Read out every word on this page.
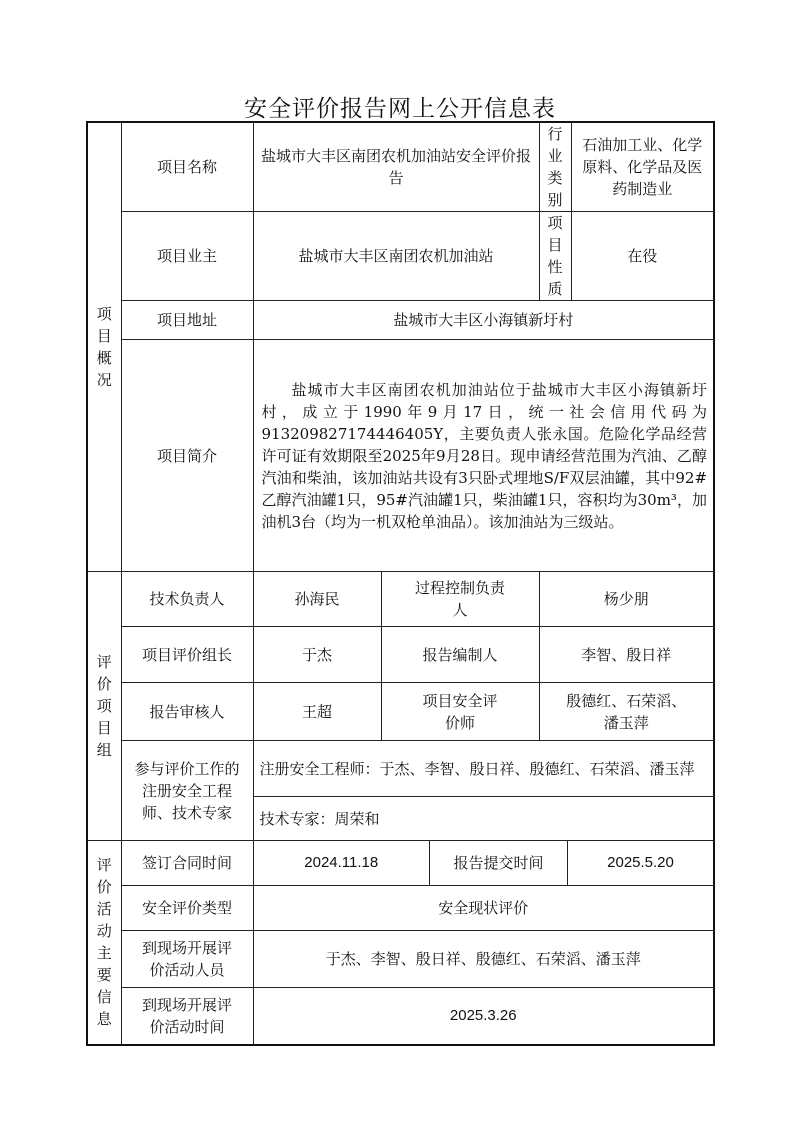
安全评价报告网上公开信息表
项目概况
	项目名称	盐城市大丰区南团农机加油站安全评价报告	行业类别	石油加工业、化学原料、化学品及医药制造业
项目业主	盐城市大丰区南团农机加油站	项目性质	在役
项目地址	盐城市大丰区小海镇新圩村
项目简介	盐城市大丰区南团农机加油站位于盐城市大丰区小海镇新圩村，成立于1990年9月17日，统一社会信用代码为913209827174446405Y，主要负责人张永国。危险化学品经营许可证有效期限至2025年9月28日。现申请经营范围为汽油、乙醇汽油和柴油，该加油站共设有3只卧式埋地S/F双层油罐，其中92#乙醇汽油罐1只，95#汽油罐1只，柴油罐1只，容积均为30m³，加油机3台（均为一机双枪单油品）。该加油站为三级站。

评价项目组
	技术负责人	孙海民	过程控制负责人	杨少朋
项目评价组长	于杰	报告编制人	李智、殷日祥
报告审核人	王超	项目安全评价师	殷德红、石荣滔、潘玉萍
参与评价工作的注册安全工程师、技术专家	注册安全工程师：于杰、李智、殷日祥、殷德红、石荣滔、潘玉萍
技术专家：周荣和

评价活动主要信息
	签订合同时间		2024.11.18	报告提交时间	2025.5.20

安全评价类型	安全现状评价
到现场开展评价活动人员	于杰、李智、殷日祥、殷德红、石荣滔、潘玉萍
到现场开展评价活动时间	2025.3.26
